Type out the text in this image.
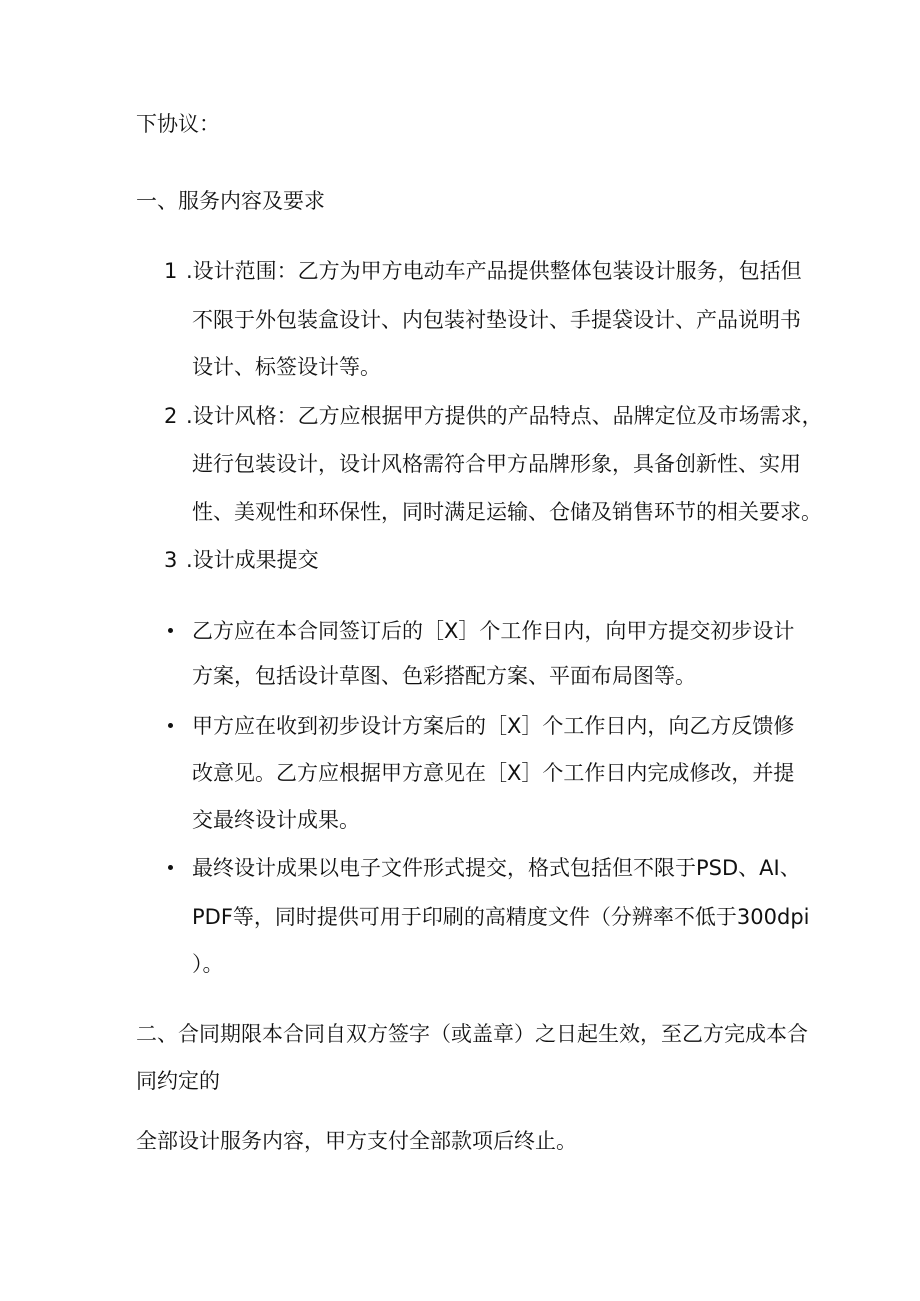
下协议：
一、服务内容及要求
1 .设计范围：乙方为甲方电动车产品提供整体包装设计服务，包括但
不限于外包装盒设计、内包装衬垫设计、手提袋设计、产品说明书
设计、标签设计等。
2 .设计风格：乙方应根据甲方提供的产品特点、品牌定位及市场需求，
进行包装设计，设计风格需符合甲方品牌形象，具备创新性、实用
性、美观性和环保性，同时满足运输、仓储及销售环节的相关要求。
3 .设计成果提交
乙方应在本合同签订后的［X］个工作日内，向甲方提交初步设计
方案，包括设计草图、色彩搭配方案、平面布局图等。
甲方应在收到初步设计方案后的［X］个工作日内，向乙方反馈修
改意见。乙方应根据甲方意见在［X］个工作日内完成修改，并提
交最终设计成果。
最终设计成果以电子文件形式提交，格式包括但不限于PSD、AI、
PDF等，同时提供可用于印刷的高精度文件（分辨率不低于300dpi
）。
二、合同期限本合同自双方签字（或盖章）之日起生效，至乙方完成本合
同约定的
全部设计服务内容，甲方支付全部款项后终止。
